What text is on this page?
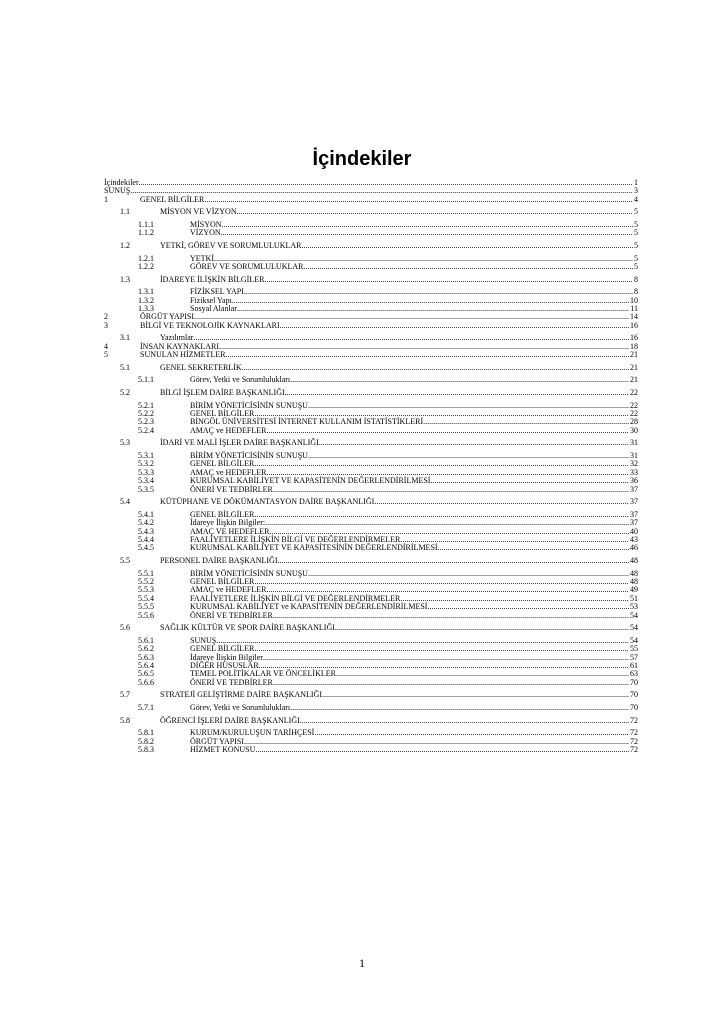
İçindekiler
İçindekiler .....	1
SUNUŞ .....	3
1	GENEL BİLGİLER .....	4
1.1	MİSYON VE VİZYON .....	5
1.1.1	MİSYON .....	5
1.1.2	VİZYON .....	5
1.2	YETKİ, GÖREV VE SORUMLULUKLAR .....	5
1.2.1	YETKİ .....	5
1.2.2	GÖREV VE SORUMLULUKLAR .....	5
1.3	İDAREYE İLİŞKİN BİLGİLER .....	8
1.3.1	FİZİKSEL YAPI .....	8
1.3.2	Fiziksel Yapı .....	10
1.3.3	Sosyal Alanlar .....	11
2	ÖRGÜT YAPISI .....	14
3	BİLGİ VE TEKNOLOJİK KAYNAKLARI .....	16
3.1	Yazılımlar .....	16
4	İNSAN KAYNAKLARI .....	18
5	SUNULAN HİZMETLER .....	21
5.1	GENEL SEKRETERLİK .....	21
5.1.1	Görev, Yetki ve Sorumlulukları .....	21
5.2	BİLGİ İŞLEM DAİRE BAŞKANLIĞI .....	22
5.2.1	BİRİM YÖNETİCİSİNİN SUNUŞU .....	22
5.2.2	GENEL BİLGİLER .....	22
5.2.3	BİNGÖL ÜNİVERSİTESİ İNTERNET KULLANIM İSTATİSTİKLERİ .....	28
5.2.4	AMAÇ ve HEDEFLER .....	30
5.3	İDARİ VE MALİ İŞLER DAİRE BAŞKANLIĞI .....	31
5.3.1	BİRİM YÖNETİCİSİNİN SUNUŞU .....	31
5.3.2	GENEL BİLGİLER .....	32
5.3.3	AMAÇ ve HEDEFLER .....	33
5.3.4	KURUMSAL KABİLİYET VE KAPASİTENİN DEĞERLENDİRİLMESİ .....	36
5.3.5	ÖNERİ VE TEDBİRLER .....	37
5.4	KÜTÜPHANE VE DÖKÜMANTASYON DAİRE BAŞKANLIĞI .....	37
5.4.1	GENEL BİLGİLER .....	37
5.4.2	İdareye İlişkin Bilgiler: .....	37
5.4.3	AMAÇ VE HEDEFLER .....	40
5.4.4	FAALİYETLERE İLİŞKİN BİLGİ VE DEĞERLENDİRMELER .....	43
5.4.5	KURUMSAL KABİLİYET VE KAPASİTESİNİN DEĞERLENDİRİLMESİ .....	46
5.5	PERSONEL DAİRE BAŞKANLIĞI .....	48
5.5.1	BİRİM YÖNETİCİSİNİN SUNUŞU .....	48
5.5.2	GENEL BİLGİLER .....	48
5.5.3	AMAÇ ve HEDEFLER .....	49
5.5.4	FAALİYETLERE İLİŞKİN BİLGİ VE DEĞERLENDİRMELER .....	51
5.5.5	KURUMSAL KABİLİYET ve KAPASİTENİN DEĞERLENDİRİLMESİ .....	53
5.5.6	ÖNERİ VE TEDBİRLER .....	54
5.6	SAĞLIK KÜLTÜR VE SPOR DAİRE BAŞKANLIĞI .....	54
5.6.1	SUNUŞ .....	54
5.6.2	GENEL BİLGİLER .....	55
5.6.3	İdareye İlişkin Bilgiler .....	57
5.6.4	DİĞER HUSUSLAR .....	61
5.6.5	TEMEL POLİTİKALAR VE ÖNCELİKLER .....	63
5.6.6	ÖNERİ VE TEDBİRLER .....	70
5.7	STRATEJİ GELİŞTİRME DAİRE BAŞKANLIĞI .....	70
5.7.1	Görev, Yetki ve Sorumlulukları .....	70
5.8	ÖĞRENCİ İŞLERİ DAİRE BAŞKANLIĞI .....	72
5.8.1	KURUM/KURULUŞUN TARİHÇESİ .....	72
5.8.2	ÖRGÜT YAPISI .....	72
5.8.3	HİZMET KONUSU .....	72
1
